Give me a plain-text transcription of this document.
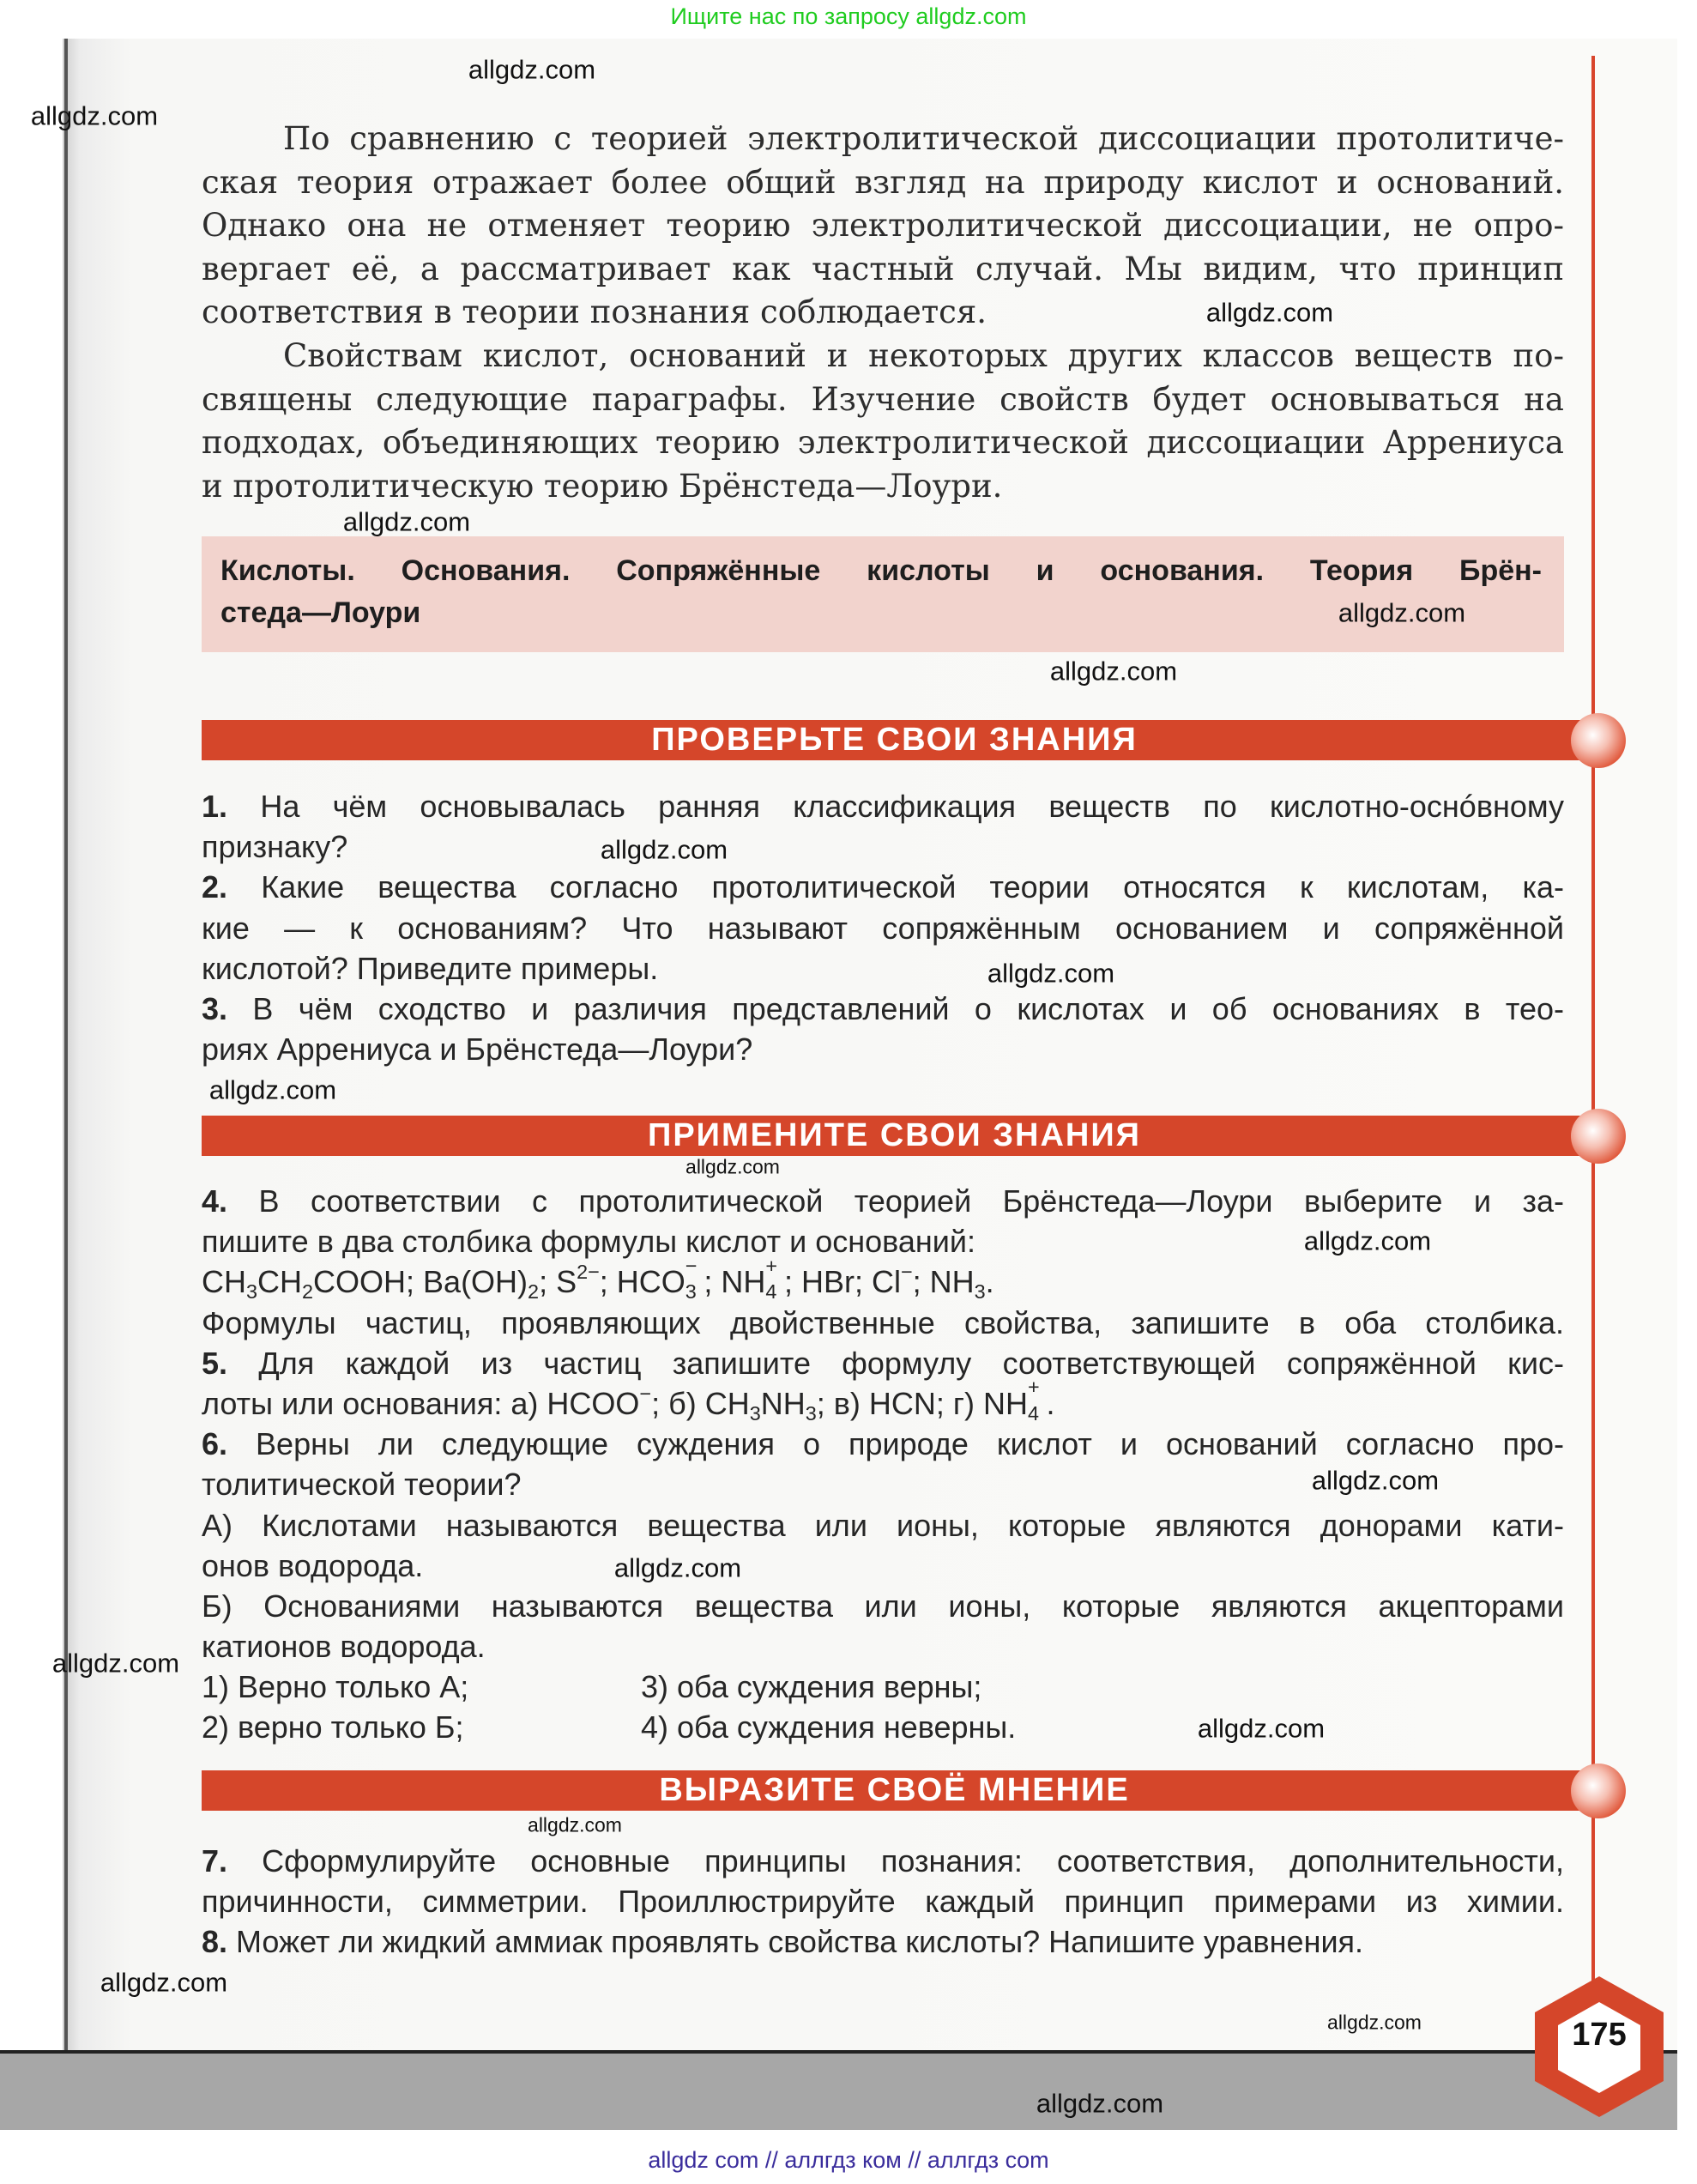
Ищите нас по запросу allgdz.com
По сравнению с теорией электролитической диссоциации протолитиче-
ская теория отражает более общий взгляд на природу кислот и оснований.
Однако она не отменяет теорию электролитической диссоциации, не опро-
вергает её, а рассматривает как частный случай. Мы видим, что принцип
соответствия в теории познания соблюдается.
Свойствам кислот, оснований и некоторых других классов веществ по-
священы следующие параграфы. Изучение свойств будет основываться на
подходах, объединяющих теорию электролитической диссоциации Аррениуса
и протолитическую теорию Брёнстеда—Лоури.
Кислоты. Основания. Сопряжённые кислоты и основания. Теория Брён-
стеда—Лоури
ПРОВЕРЬТЕ СВОИ ЗНАНИЯ
1. На чём основывалась ранняя классификация веществ по кислотно-оснóвному
признаку?
2. Какие вещества согласно протолитической теории относятся к кислотам, ка-
кие — к основаниям? Что называют сопряжённым основанием и сопряжённой
кислотой? Приведите примеры.
3. В чём сходство и различия представлений о кислотах и об основаниях в тео-
риях Аррениуса и Брёнстеда—Лоури?
ПРИМЕНИТЕ СВОИ ЗНАНИЯ
4. В соответствии с протолитической теорией Брёнстеда—Лоури выберите и за-
пишите в два столбика формулы кислот и оснований:
CH3CH2COOH; Ba(OH)2; $S^{2-}$; HCO 3
− ; NH 4
+ ; HBr; Cl−; NH3.
Формулы частиц, проявляющих двойственные свойства, запишите в оба столбика.
5. Для каждой из частиц запишите формулу соответствующей сопряжённой кис-
лоты или основания: а) HCOO−; б) CH3NH3; в) HCN; г) NH 4
+ .
6. Верны ли следующие суждения о природе кислот и оснований согласно про-
толитической теории?
А) Кислотами называются вещества или ионы, которые являются донорами кати-
онов водорода.
Б) Основаниями называются вещества или ионы, которые являются акцепторами
катионов водорода.
1) Верно только А;	3) оба суждения верны;
2) верно только Б;	4) оба суждения неверны.
ВЫРАЗИТЕ СВОЁ МНЕНИЕ
7. Сформулируйте основные принципы познания: соответствия, дополнительности,
причинности, симметрии. Проиллюстрируйте каждый принцип примерами из химии.
8. Может ли жидкий аммиак проявлять свойства кислоты? Напишите уравнения.
175
allgdz.com
allgdz.com
allgdz.com
allgdz.com
allgdz.com
allgdz.com
allgdz.com
allgdz.com
allgdz.com
allgdz.com
allgdz.com
allgdz.com
allgdz.com
allgdz.com
allgdz.com
allgdz.com
allgdz.com
allgdz.com
allgdz.com
allgdz com // аллгдз ком // аллгдз com
